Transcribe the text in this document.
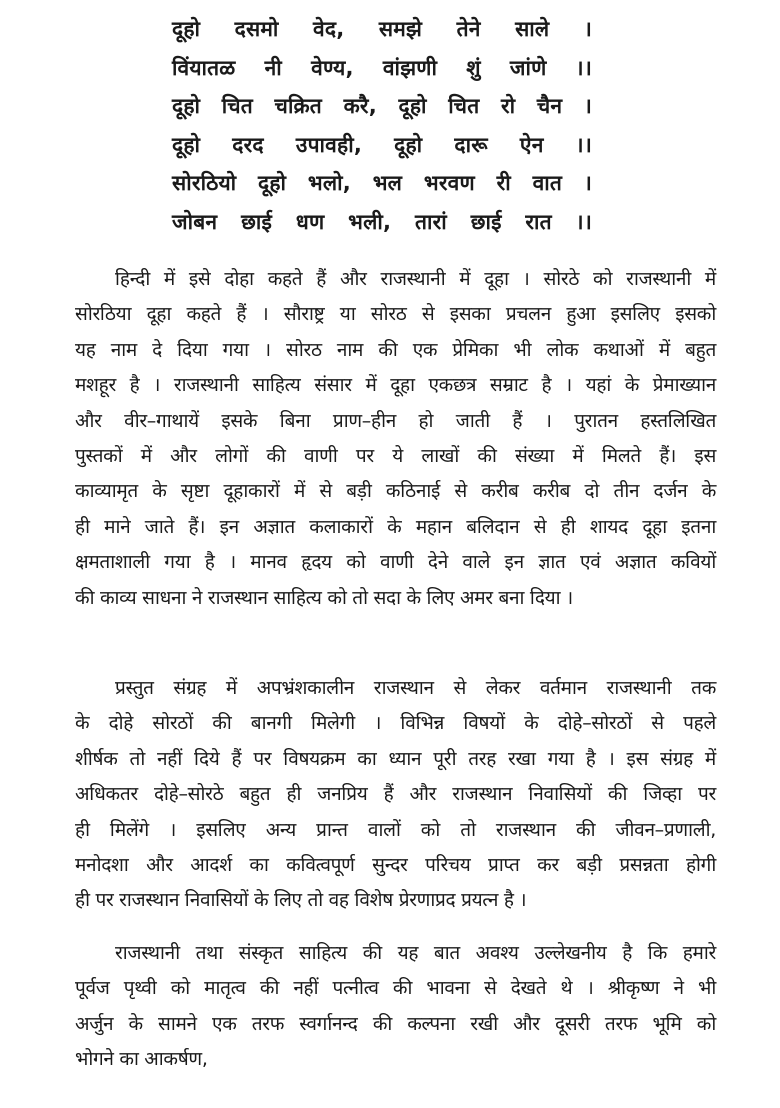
दूहो दसमो वेद, समझे तेने साले ।
विंयातळ नी वेण्य, वांझणी शुं जांणे ।।
दूहो चित चक्रित करै, दूहो चित रो चैन ।
दूहो दरद उपावही, दूहो दारू ऐन ।।
सोरठियो दूहो भलो, भल भरवण री वात ।
जोबन छाई धण भली, तारां छाई रात ।।
हिन्दी में इसे दोहा कहते हैं और राजस्थानी में दूहा । सोरठे को राजस्थानी में
सोरठिया दूहा कहते हैं । सौराष्ट्र या सोरठ से इसका प्रचलन हुआ इसलिए इसको
यह नाम दे दिया गया । सोरठ नाम की एक प्रेमिका भी लोक कथाओं में बहुत
मशहूर है । राजस्थानी साहित्य संसार में दूहा एकछत्र सम्राट है । यहां के प्रेमाख्यान
और वीर–गाथायें इसके बिना प्राण–हीन हो जाती हैं । पुरातन हस्तलिखित
पुस्तकों में और लोगों की वाणी पर ये लाखों की संख्या में मिलते हैं। इस
काव्यामृत के सृष्टा दूहाकारों में से बड़ी कठिनाई से करीब करीब दो तीन दर्जन के
ही माने जाते हैं। इन अज्ञात कलाकारों के महान बलिदान से ही शायद दूहा इतना
क्षमताशाली गया है । मानव हृदय को वाणी देने वाले इन ज्ञात एवं अज्ञात कवियों
की काव्य साधना ने राजस्थान साहित्य को तो सदा के लिए अमर बना दिया ।
प्रस्तुत संग्रह में अपभ्रंशकालीन राजस्थान से लेकर वर्तमान राजस्थानी तक
के दोहे सोरठों की बानगी मिलेगी । विभिन्न विषयों के दोहे–सोरठों से पहले
शीर्षक तो नहीं दिये हैं पर विषयक्रम का ध्यान पूरी तरह रखा गया है । इस संग्रह में
अधिकतर दोहे–सोरठे बहुत ही जनप्रिय हैं और राजस्थान निवासियों की जिव्हा पर
ही मिलेंगे । इसलिए अन्य प्रान्त वालों को तो राजस्थान की जीवन–प्रणाली,
मनोदशा और आदर्श का कवित्वपूर्ण सुन्दर परिचय प्राप्त कर बड़ी प्रसन्नता होगी
ही पर राजस्थान निवासियों के लिए तो वह विशेष प्रेरणाप्रद प्रयत्न है ।
राजस्थानी तथा संस्कृत साहित्य की यह बात अवश्य उल्लेखनीय है कि हमारे
पूर्वज पृथ्वी को मातृत्व की नहीं पत्नीत्व की भावना से देखते थे । श्रीकृष्ण ने भी
अर्जुन के सामने एक तरफ स्वर्गानन्द की कल्पना रखी और दूसरी तरफ भूमि को
भोगने का आकर्षण,
